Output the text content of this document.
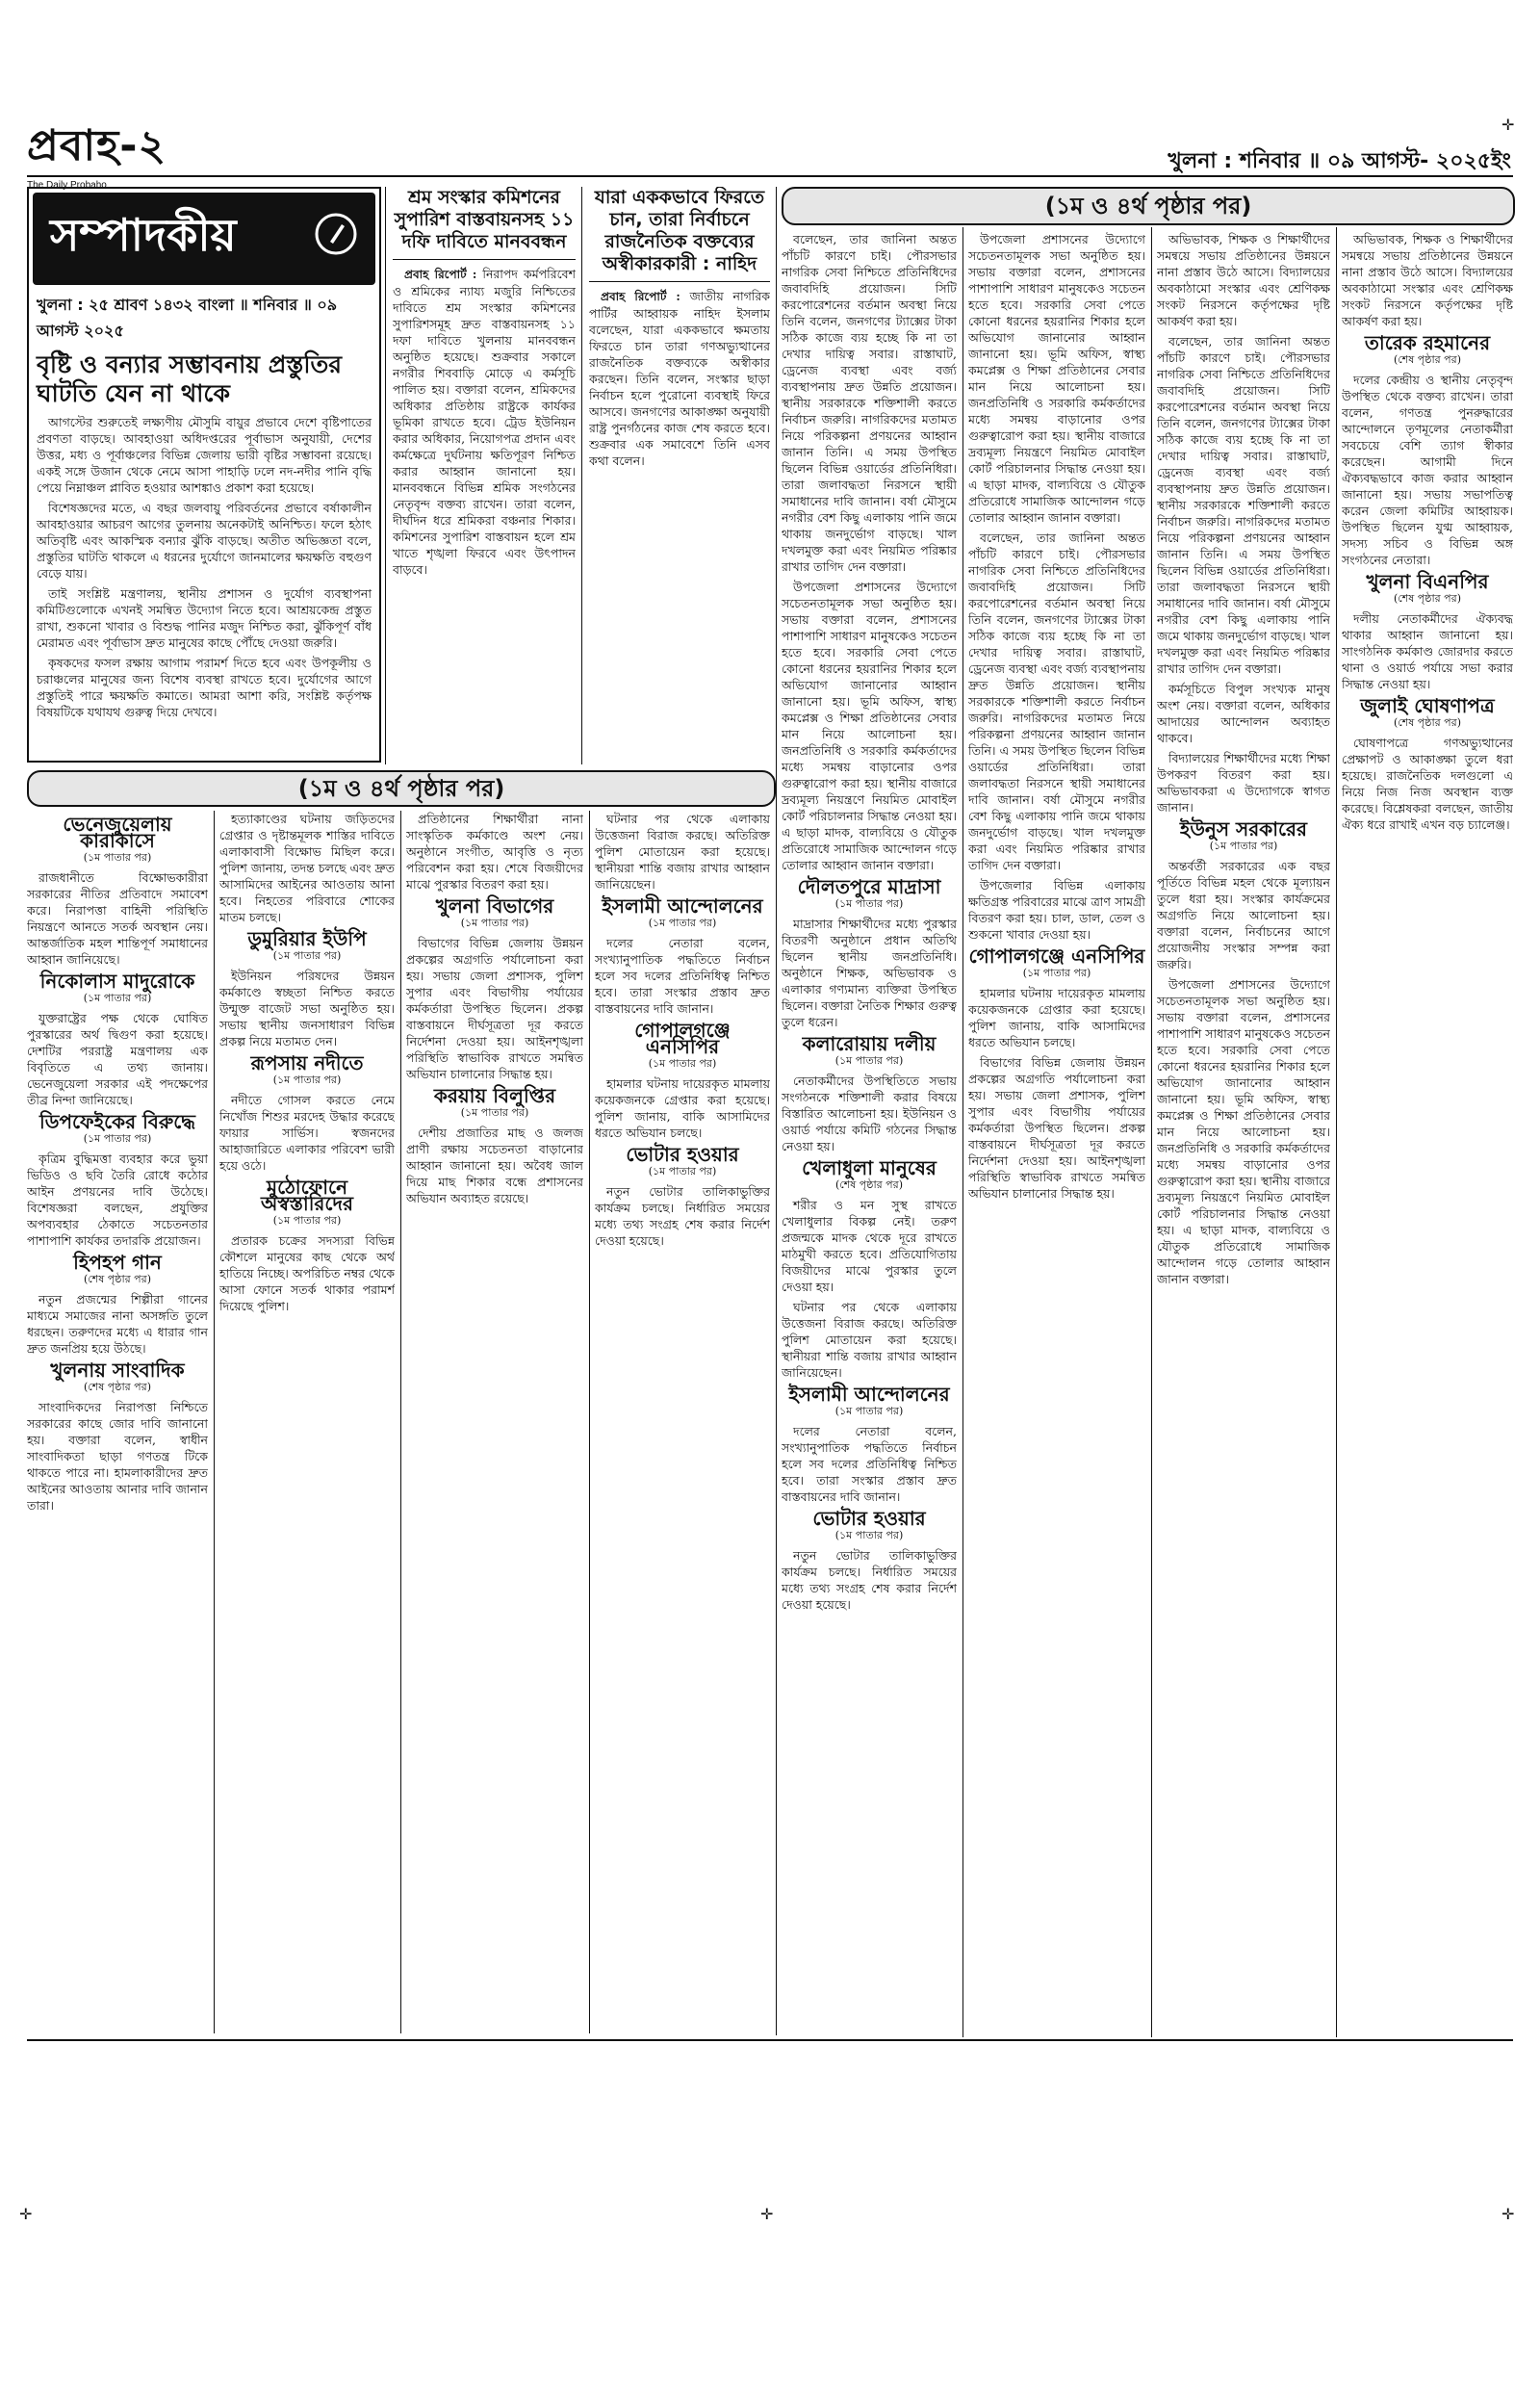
প্রবাহ-২
The Daily Probaho
খুলনা : শনিবার ॥ ০৯ আগস্ট- ২০২৫ইং
(১ম ও ৪র্থ পৃষ্ঠার পর)
সম্পাদকীয়
খুলনা : ২৫ শ্রাবণ ১৪৩২ বাংলা ॥ শনিবার ॥ ০৯ আগস্ট ২০২৫
বৃষ্টি ও বন্যার সম্ভাবনায় প্রস্তুতির ঘাটতি যেন না থাকে

আগস্টের শুরুতেই লক্ষ্যণীয় মৌসুমি বায়ুর প্রভাবে দেশে বৃষ্টিপাতের প্রবণতা বাড়ছে। আবহাওয়া অধিদপ্তরের পূর্বাভাস অনুযায়ী, দেশের উত্তর, মধ্য ও পূর্বাঞ্চলের বিভিন্ন জেলায় ভারী বৃষ্টির সম্ভাবনা রয়েছে। একই সঙ্গে উজান থেকে নেমে আসা পাহাড়ি ঢলে নদ-নদীর পানি বৃদ্ধি পেয়ে নিম্নাঞ্চল প্লাবিত হওয়ার আশঙ্কাও প্রকাশ করা হয়েছে।

বিশেষজ্ঞদের মতে, এ বছর জলবায়ু পরিবর্তনের প্রভাবে বর্ষাকালীন আবহাওয়ার আচরণ আগের তুলনায় অনেকটাই অনিশ্চিত। ফলে হঠাৎ অতিবৃষ্টি এবং আকস্মিক বন্যার ঝুঁকি বাড়ছে। অতীত অভিজ্ঞতা বলে, প্রস্তুতির ঘাটতি থাকলে এ ধরনের দুর্যোগে জানমালের ক্ষয়ক্ষতি বহুগুণ বেড়ে যায়।

তাই সংশ্লিষ্ট মন্ত্রণালয়, স্থানীয় প্রশাসন ও দুর্যোগ ব্যবস্থাপনা কমিটিগুলোকে এখনই সমন্বিত উদ্যোগ নিতে হবে। আশ্রয়কেন্দ্র প্রস্তুত রাখা, শুকনো খাবার ও বিশুদ্ধ পানির মজুদ নিশ্চিত করা, ঝুঁকিপূর্ণ বাঁধ মেরামত এবং পূর্বাভাস দ্রুত মানুষের কাছে পৌঁছে দেওয়া জরুরি।

কৃষকদের ফসল রক্ষায় আগাম পরামর্শ দিতে হবে এবং উপকূলীয় ও চরাঞ্চলের মানুষের জন্য বিশেষ ব্যবস্থা রাখতে হবে। দুর্যোগের আগে প্রস্তুতিই পারে ক্ষয়ক্ষতি কমাতে। আমরা আশা করি, সংশ্লিষ্ট কর্তৃপক্ষ বিষয়টিকে যথাযথ গুরুত্ব দিয়ে দেখবে।

শ্রম সংস্কার কমিশনের সুপারিশ বাস্তবায়নসহ ১১ দফি দাবিতে মানববন্ধন

প্রবাহ রিপোর্ট : নিরাপদ কর্মপরিবেশ ও শ্রমিকের ন্যায্য মজুরি নিশ্চিতের দাবিতে শ্রম সংস্কার কমিশনের সুপারিশসমূহ দ্রুত বাস্তবায়নসহ ১১ দফা দাবিতে খুলনায় মানববন্ধন অনুষ্ঠিত হয়েছে। শুক্রবার সকালে নগরীর শিববাড়ি মোড়ে এ কর্মসূচি পালিত হয়। বক্তারা বলেন, শ্রমিকদের অধিকার প্রতিষ্ঠায় রাষ্ট্রকে কার্যকর ভূমিকা রাখতে হবে। ট্রেড ইউনিয়ন করার অধিকার, নিয়োগপত্র প্রদান এবং কর্মক্ষেত্রে দুর্ঘটনায় ক্ষতিপূরণ নিশ্চিত করার আহ্বান জানানো হয়। মানববন্ধনে বিভিন্ন শ্রমিক সংগঠনের নেতৃবৃন্দ বক্তব্য রাখেন। তারা বলেন, দীর্ঘদিন ধরে শ্রমিকরা বঞ্চনার শিকার। কমিশনের সুপারিশ বাস্তবায়ন হলে শ্রম খাতে শৃঙ্খলা ফিরবে এবং উৎপাদন বাড়বে।

যারা এককভাবে ফিরতে চান, তারা নির্বাচনে রাজনৈতিক বক্তব্যের অস্বীকারকারী : নাহিদ

প্রবাহ রিপোর্ট : জাতীয় নাগরিক পার্টির আহ্বায়ক নাহিদ ইসলাম বলেছেন, যারা এককভাবে ক্ষমতায় ফিরতে চান তারা গণঅভ্যুত্থানের রাজনৈতিক বক্তব্যকে অস্বীকার করছেন। তিনি বলেন, সংস্কার ছাড়া নির্বাচন হলে পুরোনো ব্যবস্থাই ফিরে আসবে। জনগণের আকাঙ্ক্ষা অনুযায়ী রাষ্ট্র পুনর্গঠনের কাজ শেষ করতে হবে। শুক্রবার এক সমাবেশে তিনি এসব কথা বলেন।

বলেছেন, তার জানিনা অন্তত পাঁচটি কারণে চাই। পৌরসভার নাগরিক সেবা নিশ্চিতে প্রতিনিধিদের জবাবদিহি প্রয়োজন। সিটি করপোরেশনের বর্তমান অবস্থা নিয়ে তিনি বলেন, জনগণের ট্যাক্সের টাকা সঠিক কাজে ব্যয় হচ্ছে কি না তা দেখার দায়িত্ব সবার। রাস্তাঘাট, ড্রেনেজ ব্যবস্থা এবং বর্জ্য ব্যবস্থাপনায় দ্রুত উন্নতি প্রয়োজন। স্থানীয় সরকারকে শক্তিশালী করতে নির্বাচন জরুরি। নাগরিকদের মতামত নিয়ে পরিকল্পনা প্রণয়নের আহ্বান জানান তিনি। এ সময় উপস্থিত ছিলেন বিভিন্ন ওয়ার্ডের প্রতিনিধিরা। তারা জলাবদ্ধতা নিরসনে স্থায়ী সমাধানের দাবি জানান। বর্ষা মৌসুমে নগরীর বেশ কিছু এলাকায় পানি জমে থাকায় জনদুর্ভোগ বাড়ছে। খাল দখলমুক্ত করা এবং নিয়মিত পরিষ্কার রাখার তাগিদ দেন বক্তারা।

উপজেলা প্রশাসনের উদ্যোগে সচেতনতামূলক সভা অনুষ্ঠিত হয়। সভায় বক্তারা বলেন, প্রশাসনের পাশাপাশি সাধারণ মানুষকেও সচেতন হতে হবে। সরকারি সেবা পেতে কোনো ধরনের হয়রানির শিকার হলে অভিযোগ জানানোর আহ্বান জানানো হয়। ভূমি অফিস, স্বাস্থ্য কমপ্লেক্স ও শিক্ষা প্রতিষ্ঠানের সেবার মান নিয়ে আলোচনা হয়। জনপ্রতিনিধি ও সরকারি কর্মকর্তাদের মধ্যে সমন্বয় বাড়ানোর ওপর গুরুত্বারোপ করা হয়। স্থানীয় বাজারে দ্রব্যমূল্য নিয়ন্ত্রণে নিয়মিত মোবাইল কোর্ট পরিচালনার সিদ্ধান্ত নেওয়া হয়। এ ছাড়া মাদক, বাল্যবিয়ে ও যৌতুক প্রতিরোধে সামাজিক আন্দোলন গড়ে তোলার আহ্বান জানান বক্তারা।

দৌলতপুরে মাদ্রাসা
(১ম পাতার পর)

মাদ্রাসার শিক্ষার্থীদের মধ্যে পুরস্কার বিতরণী অনুষ্ঠানে প্রধান অতিথি ছিলেন স্থানীয় জনপ্রতিনিধি। অনুষ্ঠানে শিক্ষক, অভিভাবক ও এলাকার গণ্যমান্য ব্যক্তিরা উপস্থিত ছিলেন। বক্তারা নৈতিক শিক্ষার গুরুত্ব তুলে ধরেন।

কলারোয়ায় দলীয়
(১ম পাতার পর)

নেতাকর্মীদের উপস্থিতিতে সভায় সংগঠনকে শক্তিশালী করার বিষয়ে বিস্তারিত আলোচনা হয়। ইউনিয়ন ও ওয়ার্ড পর্যায়ে কমিটি গঠনের সিদ্ধান্ত নেওয়া হয়।

খেলাধুলা মানুষের
(শেষ পৃষ্ঠার পর)

শরীর ও মন সুস্থ রাখতে খেলাধুলার বিকল্প নেই। তরুণ প্রজন্মকে মাদক থেকে দূরে রাখতে মাঠমুখী করতে হবে। প্রতিযোগিতায় বিজয়ীদের মাঝে পুরস্কার তুলে দেওয়া হয়।

ঘটনার পর থেকে এলাকায় উত্তেজনা বিরাজ করছে। অতিরিক্ত পুলিশ মোতায়েন করা হয়েছে। স্থানীয়রা শান্তি বজায় রাখার আহ্বান জানিয়েছেন।

ইসলামী আন্দোলনের
(১ম পাতার পর)

দলের নেতারা বলেন, সংখ্যানুপাতিক পদ্ধতিতে নির্বাচন হলে সব দলের প্রতিনিধিত্ব নিশ্চিত হবে। তারা সংস্কার প্রস্তাব দ্রুত বাস্তবায়নের দাবি জানান।

ভোটার হওয়ার
(১ম পাতার পর)

নতুন ভোটার তালিকাভুক্তির কার্যক্রম চলছে। নির্ধারিত সময়ের মধ্যে তথ্য সংগ্রহ শেষ করার নির্দেশ দেওয়া হয়েছে।

উপজেলা প্রশাসনের উদ্যোগে সচেতনতামূলক সভা অনুষ্ঠিত হয়। সভায় বক্তারা বলেন, প্রশাসনের পাশাপাশি সাধারণ মানুষকেও সচেতন হতে হবে। সরকারি সেবা পেতে কোনো ধরনের হয়রানির শিকার হলে অভিযোগ জানানোর আহ্বান জানানো হয়। ভূমি অফিস, স্বাস্থ্য কমপ্লেক্স ও শিক্ষা প্রতিষ্ঠানের সেবার মান নিয়ে আলোচনা হয়। জনপ্রতিনিধি ও সরকারি কর্মকর্তাদের মধ্যে সমন্বয় বাড়ানোর ওপর গুরুত্বারোপ করা হয়। স্থানীয় বাজারে দ্রব্যমূল্য নিয়ন্ত্রণে নিয়মিত মোবাইল কোর্ট পরিচালনার সিদ্ধান্ত নেওয়া হয়। এ ছাড়া মাদক, বাল্যবিয়ে ও যৌতুক প্রতিরোধে সামাজিক আন্দোলন গড়ে তোলার আহ্বান জানান বক্তারা।

বলেছেন, তার জানিনা অন্তত পাঁচটি কারণে চাই। পৌরসভার নাগরিক সেবা নিশ্চিতে প্রতিনিধিদের জবাবদিহি প্রয়োজন। সিটি করপোরেশনের বর্তমান অবস্থা নিয়ে তিনি বলেন, জনগণের ট্যাক্সের টাকা সঠিক কাজে ব্যয় হচ্ছে কি না তা দেখার দায়িত্ব সবার। রাস্তাঘাট, ড্রেনেজ ব্যবস্থা এবং বর্জ্য ব্যবস্থাপনায় দ্রুত উন্নতি প্রয়োজন। স্থানীয় সরকারকে শক্তিশালী করতে নির্বাচন জরুরি। নাগরিকদের মতামত নিয়ে পরিকল্পনা প্রণয়নের আহ্বান জানান তিনি। এ সময় উপস্থিত ছিলেন বিভিন্ন ওয়ার্ডের প্রতিনিধিরা। তারা জলাবদ্ধতা নিরসনে স্থায়ী সমাধানের দাবি জানান। বর্ষা মৌসুমে নগরীর বেশ কিছু এলাকায় পানি জমে থাকায় জনদুর্ভোগ বাড়ছে। খাল দখলমুক্ত করা এবং নিয়মিত পরিষ্কার রাখার তাগিদ দেন বক্তারা।

উপজেলার বিভিন্ন এলাকায় ক্ষতিগ্রস্ত পরিবারের মাঝে ত্রাণ সামগ্রী বিতরণ করা হয়। চাল, ডাল, তেল ও শুকনো খাবার দেওয়া হয়।

গোপালগঞ্জে এনসিপির
(১ম পাতার পর)

হামলার ঘটনায় দায়েরকৃত মামলায় কয়েকজনকে গ্রেপ্তার করা হয়েছে। পুলিশ জানায়, বাকি আসামিদের ধরতে অভিযান চলছে।

বিভাগের বিভিন্ন জেলায় উন্নয়ন প্রকল্পের অগ্রগতি পর্যালোচনা করা হয়। সভায় জেলা প্রশাসক, পুলিশ সুপার এবং বিভাগীয় পর্যায়ের কর্মকর্তারা উপস্থিত ছিলেন। প্রকল্প বাস্তবায়নে দীর্ঘসূত্রতা দূর করতে নির্দেশনা দেওয়া হয়। আইনশৃঙ্খলা পরিস্থিতি স্বাভাবিক রাখতে সমন্বিত অভিযান চালানোর সিদ্ধান্ত হয়।

অভিভাবক, শিক্ষক ও শিক্ষার্থীদের সমন্বয়ে সভায় প্রতিষ্ঠানের উন্নয়নে নানা প্রস্তাব উঠে আসে। বিদ্যালয়ের অবকাঠামো সংস্কার এবং শ্রেণিকক্ষ সংকট নিরসনে কর্তৃপক্ষের দৃষ্টি আকর্ষণ করা হয়।

বলেছেন, তার জানিনা অন্তত পাঁচটি কারণে চাই। পৌরসভার নাগরিক সেবা নিশ্চিতে প্রতিনিধিদের জবাবদিহি প্রয়োজন। সিটি করপোরেশনের বর্তমান অবস্থা নিয়ে তিনি বলেন, জনগণের ট্যাক্সের টাকা সঠিক কাজে ব্যয় হচ্ছে কি না তা দেখার দায়িত্ব সবার। রাস্তাঘাট, ড্রেনেজ ব্যবস্থা এবং বর্জ্য ব্যবস্থাপনায় দ্রুত উন্নতি প্রয়োজন। স্থানীয় সরকারকে শক্তিশালী করতে নির্বাচন জরুরি। নাগরিকদের মতামত নিয়ে পরিকল্পনা প্রণয়নের আহ্বান জানান তিনি। এ সময় উপস্থিত ছিলেন বিভিন্ন ওয়ার্ডের প্রতিনিধিরা। তারা জলাবদ্ধতা নিরসনে স্থায়ী সমাধানের দাবি জানান। বর্ষা মৌসুমে নগরীর বেশ কিছু এলাকায় পানি জমে থাকায় জনদুর্ভোগ বাড়ছে। খাল দখলমুক্ত করা এবং নিয়মিত পরিষ্কার রাখার তাগিদ দেন বক্তারা।

কর্মসূচিতে বিপুল সংখ্যক মানুষ অংশ নেয়। বক্তারা বলেন, অধিকার আদায়ের আন্দোলন অব্যাহত থাকবে।

বিদ্যালয়ের শিক্ষার্থীদের মধ্যে শিক্ষা উপকরণ বিতরণ করা হয়। অভিভাবকরা এ উদ্যোগকে স্বাগত জানান।

ইউনুস সরকারের
(১ম পাতার পর)

অন্তর্বর্তী সরকারের এক বছর পূর্তিতে বিভিন্ন মহল থেকে মূল্যায়ন তুলে ধরা হয়। সংস্কার কার্যক্রমের অগ্রগতি নিয়ে আলোচনা হয়। বক্তারা বলেন, নির্বাচনের আগে প্রয়োজনীয় সংস্কার সম্পন্ন করা জরুরি।

উপজেলা প্রশাসনের উদ্যোগে সচেতনতামূলক সভা অনুষ্ঠিত হয়। সভায় বক্তারা বলেন, প্রশাসনের পাশাপাশি সাধারণ মানুষকেও সচেতন হতে হবে। সরকারি সেবা পেতে কোনো ধরনের হয়রানির শিকার হলে অভিযোগ জানানোর আহ্বান জানানো হয়। ভূমি অফিস, স্বাস্থ্য কমপ্লেক্স ও শিক্ষা প্রতিষ্ঠানের সেবার মান নিয়ে আলোচনা হয়। জনপ্রতিনিধি ও সরকারি কর্মকর্তাদের মধ্যে সমন্বয় বাড়ানোর ওপর গুরুত্বারোপ করা হয়। স্থানীয় বাজারে দ্রব্যমূল্য নিয়ন্ত্রণে নিয়মিত মোবাইল কোর্ট পরিচালনার সিদ্ধান্ত নেওয়া হয়। এ ছাড়া মাদক, বাল্যবিয়ে ও যৌতুক প্রতিরোধে সামাজিক আন্দোলন গড়ে তোলার আহ্বান জানান বক্তারা।

অভিভাবক, শিক্ষক ও শিক্ষার্থীদের সমন্বয়ে সভায় প্রতিষ্ঠানের উন্নয়নে নানা প্রস্তাব উঠে আসে। বিদ্যালয়ের অবকাঠামো সংস্কার এবং শ্রেণিকক্ষ সংকট নিরসনে কর্তৃপক্ষের দৃষ্টি আকর্ষণ করা হয়।

তারেক রহমানের
(শেষ পৃষ্ঠার পর)

দলের কেন্দ্রীয় ও স্থানীয় নেতৃবৃন্দ উপস্থিত থেকে বক্তব্য রাখেন। তারা বলেন, গণতন্ত্র পুনরুদ্ধারের আন্দোলনে তৃণমূলের নেতাকর্মীরা সবচেয়ে বেশি ত্যাগ স্বীকার করেছেন। আগামী দিনে ঐক্যবদ্ধভাবে কাজ করার আহ্বান জানানো হয়। সভায় সভাপতিত্ব করেন জেলা কমিটির আহ্বায়ক। উপস্থিত ছিলেন যুগ্ম আহ্বায়ক, সদস্য সচিব ও বিভিন্ন অঙ্গ সংগঠনের নেতারা।

খুলনা বিএনপির
(শেষ পৃষ্ঠার পর)

দলীয় নেতাকর্মীদের ঐক্যবদ্ধ থাকার আহ্বান জানানো হয়। সাংগঠনিক কর্মকাণ্ড জোরদার করতে থানা ও ওয়ার্ড পর্যায়ে সভা করার সিদ্ধান্ত নেওয়া হয়।

জুলাই ঘোষণাপত্র
(শেষ পৃষ্ঠার পর)

ঘোষণাপত্রে গণঅভ্যুত্থানের প্রেক্ষাপট ও আকাঙ্ক্ষা তুলে ধরা হয়েছে। রাজনৈতিক দলগুলো এ নিয়ে নিজ নিজ অবস্থান ব্যক্ত করেছে। বিশ্লেষকরা বলছেন, জাতীয় ঐক্য ধরে রাখাই এখন বড় চ্যালেঞ্জ।

(১ম ও ৪র্থ পৃষ্ঠার পর)
ভেনেজুয়েলায় কারাকাসে
(১ম পাতার পর)

রাজধানীতে বিক্ষোভকারীরা সরকারের নীতির প্রতিবাদে সমাবেশ করে। নিরাপত্তা বাহিনী পরিস্থিতি নিয়ন্ত্রণে আনতে সতর্ক অবস্থান নেয়। আন্তর্জাতিক মহল শান্তিপূর্ণ সমাধানের আহ্বান জানিয়েছে।

নিকোলাস মাদুরোকে
(১ম পাতার পর)

যুক্তরাষ্ট্রের পক্ষ থেকে ঘোষিত পুরস্কারের অর্থ দ্বিগুণ করা হয়েছে। দেশটির পররাষ্ট্র মন্ত্রণালয় এক বিবৃতিতে এ তথ্য জানায়। ভেনেজুয়েলা সরকার এই পদক্ষেপের তীব্র নিন্দা জানিয়েছে।

ডিপফেইকের বিরুদ্ধে
(১ম পাতার পর)

কৃত্রিম বুদ্ধিমত্তা ব্যবহার করে ভুয়া ভিডিও ও ছবি তৈরি রোধে কঠোর আইন প্রণয়নের দাবি উঠেছে। বিশেষজ্ঞরা বলছেন, প্রযুক্তির অপব্যবহার ঠেকাতে সচেতনতার পাশাপাশি কার্যকর তদারকি প্রয়োজন।

হিপহপ গান
(শেষ পৃষ্ঠার পর)

নতুন প্রজন্মের শিল্পীরা গানের মাধ্যমে সমাজের নানা অসঙ্গতি তুলে ধরছেন। তরুণদের মধ্যে এ ধারার গান দ্রুত জনপ্রিয় হয়ে উঠছে।

খুলনায় সাংবাদিক
(শেষ পৃষ্ঠার পর)

সাংবাদিকদের নিরাপত্তা নিশ্চিতে সরকারের কাছে জোর দাবি জানানো হয়। বক্তারা বলেন, স্বাধীন সাংবাদিকতা ছাড়া গণতন্ত্র টিকে থাকতে পারে না। হামলাকারীদের দ্রুত আইনের আওতায় আনার দাবি জানান তারা।

হত্যাকাণ্ডের ঘটনায় জড়িতদের গ্রেপ্তার ও দৃষ্টান্তমূলক শাস্তির দাবিতে এলাকাবাসী বিক্ষোভ মিছিল করে। পুলিশ জানায়, তদন্ত চলছে এবং দ্রুত আসামিদের আইনের আওতায় আনা হবে। নিহতের পরিবারে শোকের মাতম চলছে।

ডুমুরিয়ার ইউপি
(১ম পাতার পর)

ইউনিয়ন পরিষদের উন্নয়ন কর্মকাণ্ডে স্বচ্ছতা নিশ্চিত করতে উন্মুক্ত বাজেট সভা অনুষ্ঠিত হয়। সভায় স্থানীয় জনসাধারণ বিভিন্ন প্রকল্প নিয়ে মতামত দেন।

রূপসায় নদীতে
(১ম পাতার পর)

নদীতে গোসল করতে নেমে নিখোঁজ শিশুর মরদেহ উদ্ধার করেছে ফায়ার সার্ভিস। স্বজনদের আহাজারিতে এলাকার পরিবেশ ভারী হয়ে ওঠে।

মুঠোফোনে অস্বস্তারিদের
(১ম পাতার পর)

প্রতারক চক্রের সদস্যরা বিভিন্ন কৌশলে মানুষের কাছ থেকে অর্থ হাতিয়ে নিচ্ছে। অপরিচিত নম্বর থেকে আসা ফোনে সতর্ক থাকার পরামর্শ দিয়েছে পুলিশ।

প্রতিষ্ঠানের শিক্ষার্থীরা নানা সাংস্কৃতিক কর্মকাণ্ডে অংশ নেয়। অনুষ্ঠানে সংগীত, আবৃত্তি ও নৃত্য পরিবেশন করা হয়। শেষে বিজয়ীদের মাঝে পুরস্কার বিতরণ করা হয়।

খুলনা বিভাগের
(১ম পাতার পর)

বিভাগের বিভিন্ন জেলায় উন্নয়ন প্রকল্পের অগ্রগতি পর্যালোচনা করা হয়। সভায় জেলা প্রশাসক, পুলিশ সুপার এবং বিভাগীয় পর্যায়ের কর্মকর্তারা উপস্থিত ছিলেন। প্রকল্প বাস্তবায়নে দীর্ঘসূত্রতা দূর করতে নির্দেশনা দেওয়া হয়। আইনশৃঙ্খলা পরিস্থিতি স্বাভাবিক রাখতে সমন্বিত অভিযান চালানোর সিদ্ধান্ত হয়।

করয়ায় বিলুপ্তির
(১ম পাতার পর)

দেশীয় প্রজাতির মাছ ও জলজ প্রাণী রক্ষায় সচেতনতা বাড়ানোর আহ্বান জানানো হয়। অবৈধ জাল দিয়ে মাছ শিকার বন্ধে প্রশাসনের অভিযান অব্যাহত রয়েছে।

ঘটনার পর থেকে এলাকায় উত্তেজনা বিরাজ করছে। অতিরিক্ত পুলিশ মোতায়েন করা হয়েছে। স্থানীয়রা শান্তি বজায় রাখার আহ্বান জানিয়েছেন।

ইসলামী আন্দোলনের
(১ম পাতার পর)

দলের নেতারা বলেন, সংখ্যানুপাতিক পদ্ধতিতে নির্বাচন হলে সব দলের প্রতিনিধিত্ব নিশ্চিত হবে। তারা সংস্কার প্রস্তাব দ্রুত বাস্তবায়নের দাবি জানান।

গোপালগঞ্জে এনসিপির
(১ম পাতার পর)

হামলার ঘটনায় দায়েরকৃত মামলায় কয়েকজনকে গ্রেপ্তার করা হয়েছে। পুলিশ জানায়, বাকি আসামিদের ধরতে অভিযান চলছে।

ভোটার হওয়ার
(১ম পাতার পর)

নতুন ভোটার তালিকাভুক্তির কার্যক্রম চলছে। নির্ধারিত সময়ের মধ্যে তথ্য সংগ্রহ শেষ করার নির্দেশ দেওয়া হয়েছে।

✛	✛	✛
✛
